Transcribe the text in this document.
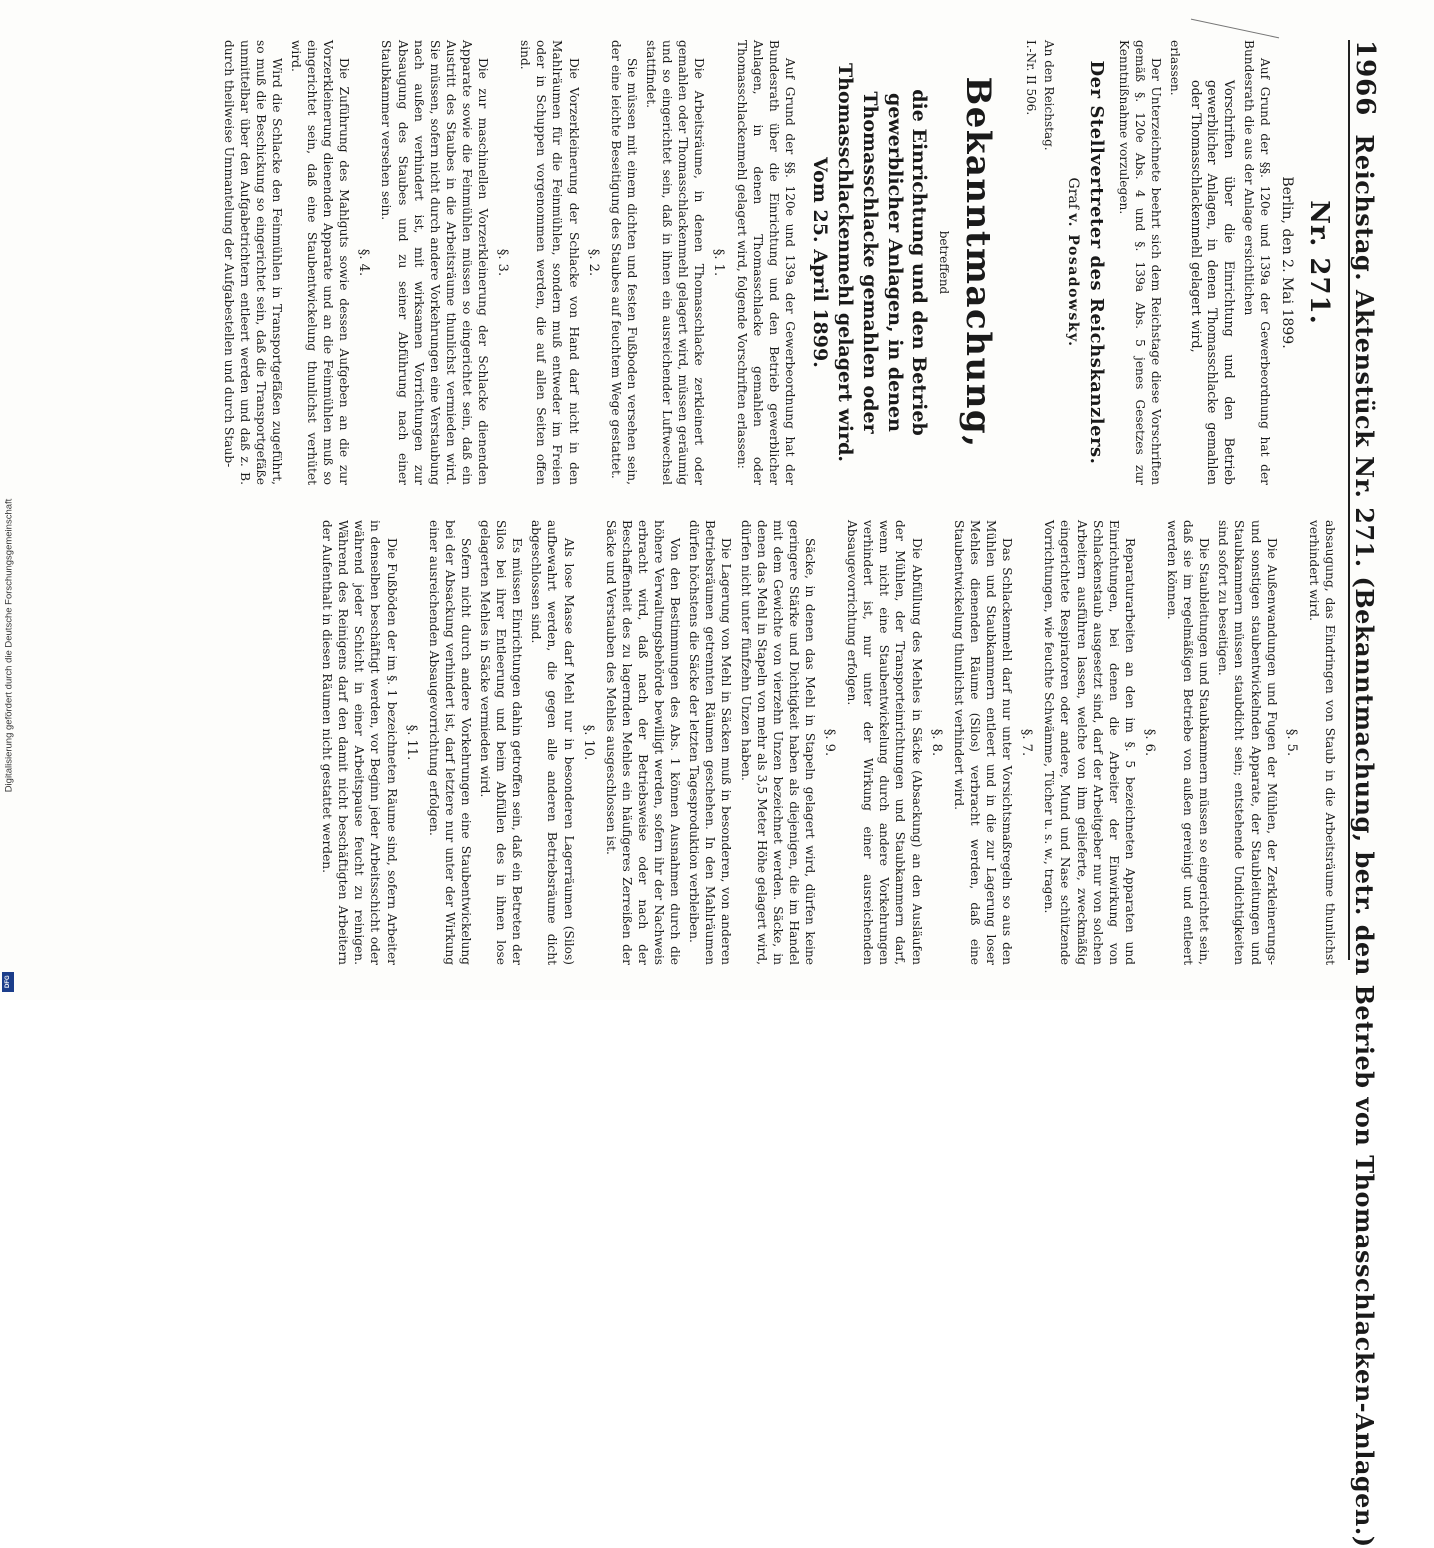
1966
Reichstag. Aktenstück Nr. 271. (Bekanntmachung, betr. den Betrieb von Thomasschlacken-Anlagen.)
Nr. 271.
Berlin, den 2. Mai 1899.

Auf Grund der §§. 120e und 139a der Gewerbeordnung hat der Bundesrath die aus der Anlage ersichtlichen

Vorschriften über die Einrichtung und den Betrieb gewerblicher Anlagen, in denen Thomasschlacke gemahlen oder Thomasschlackenmehl gelagert wird,

erlassen.

Der Unterzeichnete beehrt sich dem Reichstage diese Vorschriften gemäß §. 120e Abs. 4 und §. 139a Abs. 5 jenes Gesetzes zur Kenntnißnahme vorzulegen.

Der Stellvertreter des Reichskanzlers.
Graf v. Posadowsky.
An den Reichstag.
I.-Nr. II 506.
Bekanntmachung,
betreffend
die Einrichtung und den Betrieb gewerblicher Anlagen, in denen Thomasschlacke gemahlen oder Thomasschlackenmehl gelagert wird. Vom 25. April 1899.

Auf Grund der §§. 120e und 139a der Gewerbeordnung hat der Bundesrath über die Einrichtung und den Betrieb gewerblicher Anlagen, in denen Thomasschlacke gemahlen oder Thomasschlackenmehl gelagert wird, folgende Vorschriften erlassen:

§. 1.

Die Arbeitsräume, in denen Thomasschlacke zerkleinert oder gemahlen oder Thomasschlackenmehl gelagert wird, müssen geräumig und so eingerichtet sein, daß in ihnen ein ausreichender Luftwechsel stattfindet.

Sie müssen mit einem dichten und festen Fußboden versehen sein, der eine leichte Beseitigung des Staubes auf feuchtem Wege gestattet.

§. 2.

Die Vorzerkleinerung der Schlacke von Hand darf nicht in den Mahlräumen für die Feinmühlen, sondern muß entweder im Freien oder in Schuppen vorgenommen werden, die auf allen Seiten offen sind.

§. 3.

Die zur maschinellen Vorzerkleinerung der Schlacke dienenden Apparate sowie die Feinmühlen müssen so eingerichtet sein, daß ein Austritt des Staubes in die Arbeitsräume thunlichst vermieden wird. Sie müssen, sofern nicht durch andere Vorkehrungen eine Verstaubung nach außen verhindert ist, mit wirksamen Vorrichtungen zur Absaugung des Staubes und zu seiner Abführung nach einer Staubkammer versehen sein.

§. 4.

Die Zuführung des Mahlguts sowie dessen Aufgeben an die zur Vorzerkleinerung dienenden Apparate und an die Feinmühlen muß so eingerichtet sein, daß eine Staubentwickelung thunlichst verhütet wird.

Wird die Schlacke den Feinmühlen in Transportgefäßen zugeführt, so muß die Beschickung so eingerichtet sein, daß die Transportgefäße unmittelbar über den Aufgabetrichtern entleert werden und daß z. B. durch theilweise Ummantelung der Aufgabestellen und durch Staub-

absaugung, das Eindringen von Staub in die Arbeitsräume thunlichst verhindert wird.

§. 5.

Die Außenwandungen und Fugen der Mühlen, der Zerkleinerungs- und sonstigen staubentwickelnden Apparate, der Staubleitungen und Staubkammern müssen staubdicht sein; entstehende Undichtigkeiten sind sofort zu beseitigen.

Die Staubleitungen und Staubkammern müssen so eingerichtet sein, daß sie im regelmäßigen Betriebe von außen gereinigt und entleert werden können.

§. 6.

Reparaturarbeiten an den im §. 5 bezeichneten Apparaten und Einrichtungen, bei denen die Arbeiter der Einwirkung von Schlackenstaub ausgesetzt sind, darf der Arbeitgeber nur von solchen Arbeitern ausführen lassen, welche von ihm gelieferte, zweckmäßig eingerichtete Respiratoren oder andere, Mund und Nase schützende Vorrichtungen, wie feuchte Schwämme, Tücher u. s. w., tragen.

§. 7.

Das Schlackenmehl darf nur unter Vorsichtsmaßregeln so aus den Mühlen und Staubkammern entleert und in die zur Lagerung loser Mehles dienenden Räume (Silos) verbracht werden, daß eine Staubentwickelung thunlichst verhindert wird.

§. 8.

Die Abfüllung des Mehles in Säcke (Absackung) an den Ausläufen der Mühlen, der Transporteinrichtungen und Staubkammern darf, wenn nicht eine Staubentwickelung durch andere Vorkehrungen verhindert ist, nur unter der Wirkung einer ausreichenden Absaugevorrichtung erfolgen.

§. 9.

Säcke, in denen das Mehl in Stapeln gelagert wird, dürfen keine geringere Stärke und Dichtigkeit haben als diejenigen, die im Handel mit dem Gewichte von vierzehn Unzen bezeichnet werden. Säcke, in denen das Mehl in Stapeln von mehr als 3,5 Meter Höhe gelagert wird, dürfen nicht unter fünfzehn Unzen haben.

Die Lagerung von Mehl in Säcken muß in besonderen, von anderen Betriebsräumen getrennten Räumen geschehen. In den Mahlräumen dürfen höchstens die Säcke der letzten Tagesproduktion verbleiben.

Von den Bestimmungen des Abs. 1 können Ausnahmen durch die höhere Verwaltungsbehörde bewilligt werden, sofern ihr der Nachweis erbracht wird, daß nach der Betriebsweise oder nach der Beschaffenheit des zu lagernden Mehles ein häufigeres Zerreißen der Säcke und Verstauben des Mehles ausgeschlossen ist.

§. 10.

Als lose Masse darf Mehl nur in besonderen Lagerräumen (Silos) aufbewahrt werden, die gegen alle anderen Betriebsräume dicht abgeschlossen sind.

Es müssen Einrichtungen dahin getroffen sein, daß ein Betreten der Silos bei ihrer Entleerung und beim Abfüllen des in ihnen lose gelagerten Mehles in Säcke vermieden wird.

Sofern nicht durch andere Vorkehrungen eine Staubentwickelung bei der Absackung verhindert ist, darf letztere nur unter der Wirkung einer ausreichenden Absaugevorrichtung erfolgen.

§. 11.

Die Fußböden der im §. 1 bezeichneten Räume sind, sofern Arbeiter in denselben beschäftigt werden, vor Beginn jeder Arbeitsschicht oder während jeder Schicht in einer Arbeitspause feucht zu reinigen. Während des Reinigens darf den damit nicht beschäftigten Arbeitern der Aufenthalt in diesen Räumen nicht gestattet werden.

Digitalisierung gefördert durch die Deutsche Forschungsgemeinschaft
DFG
